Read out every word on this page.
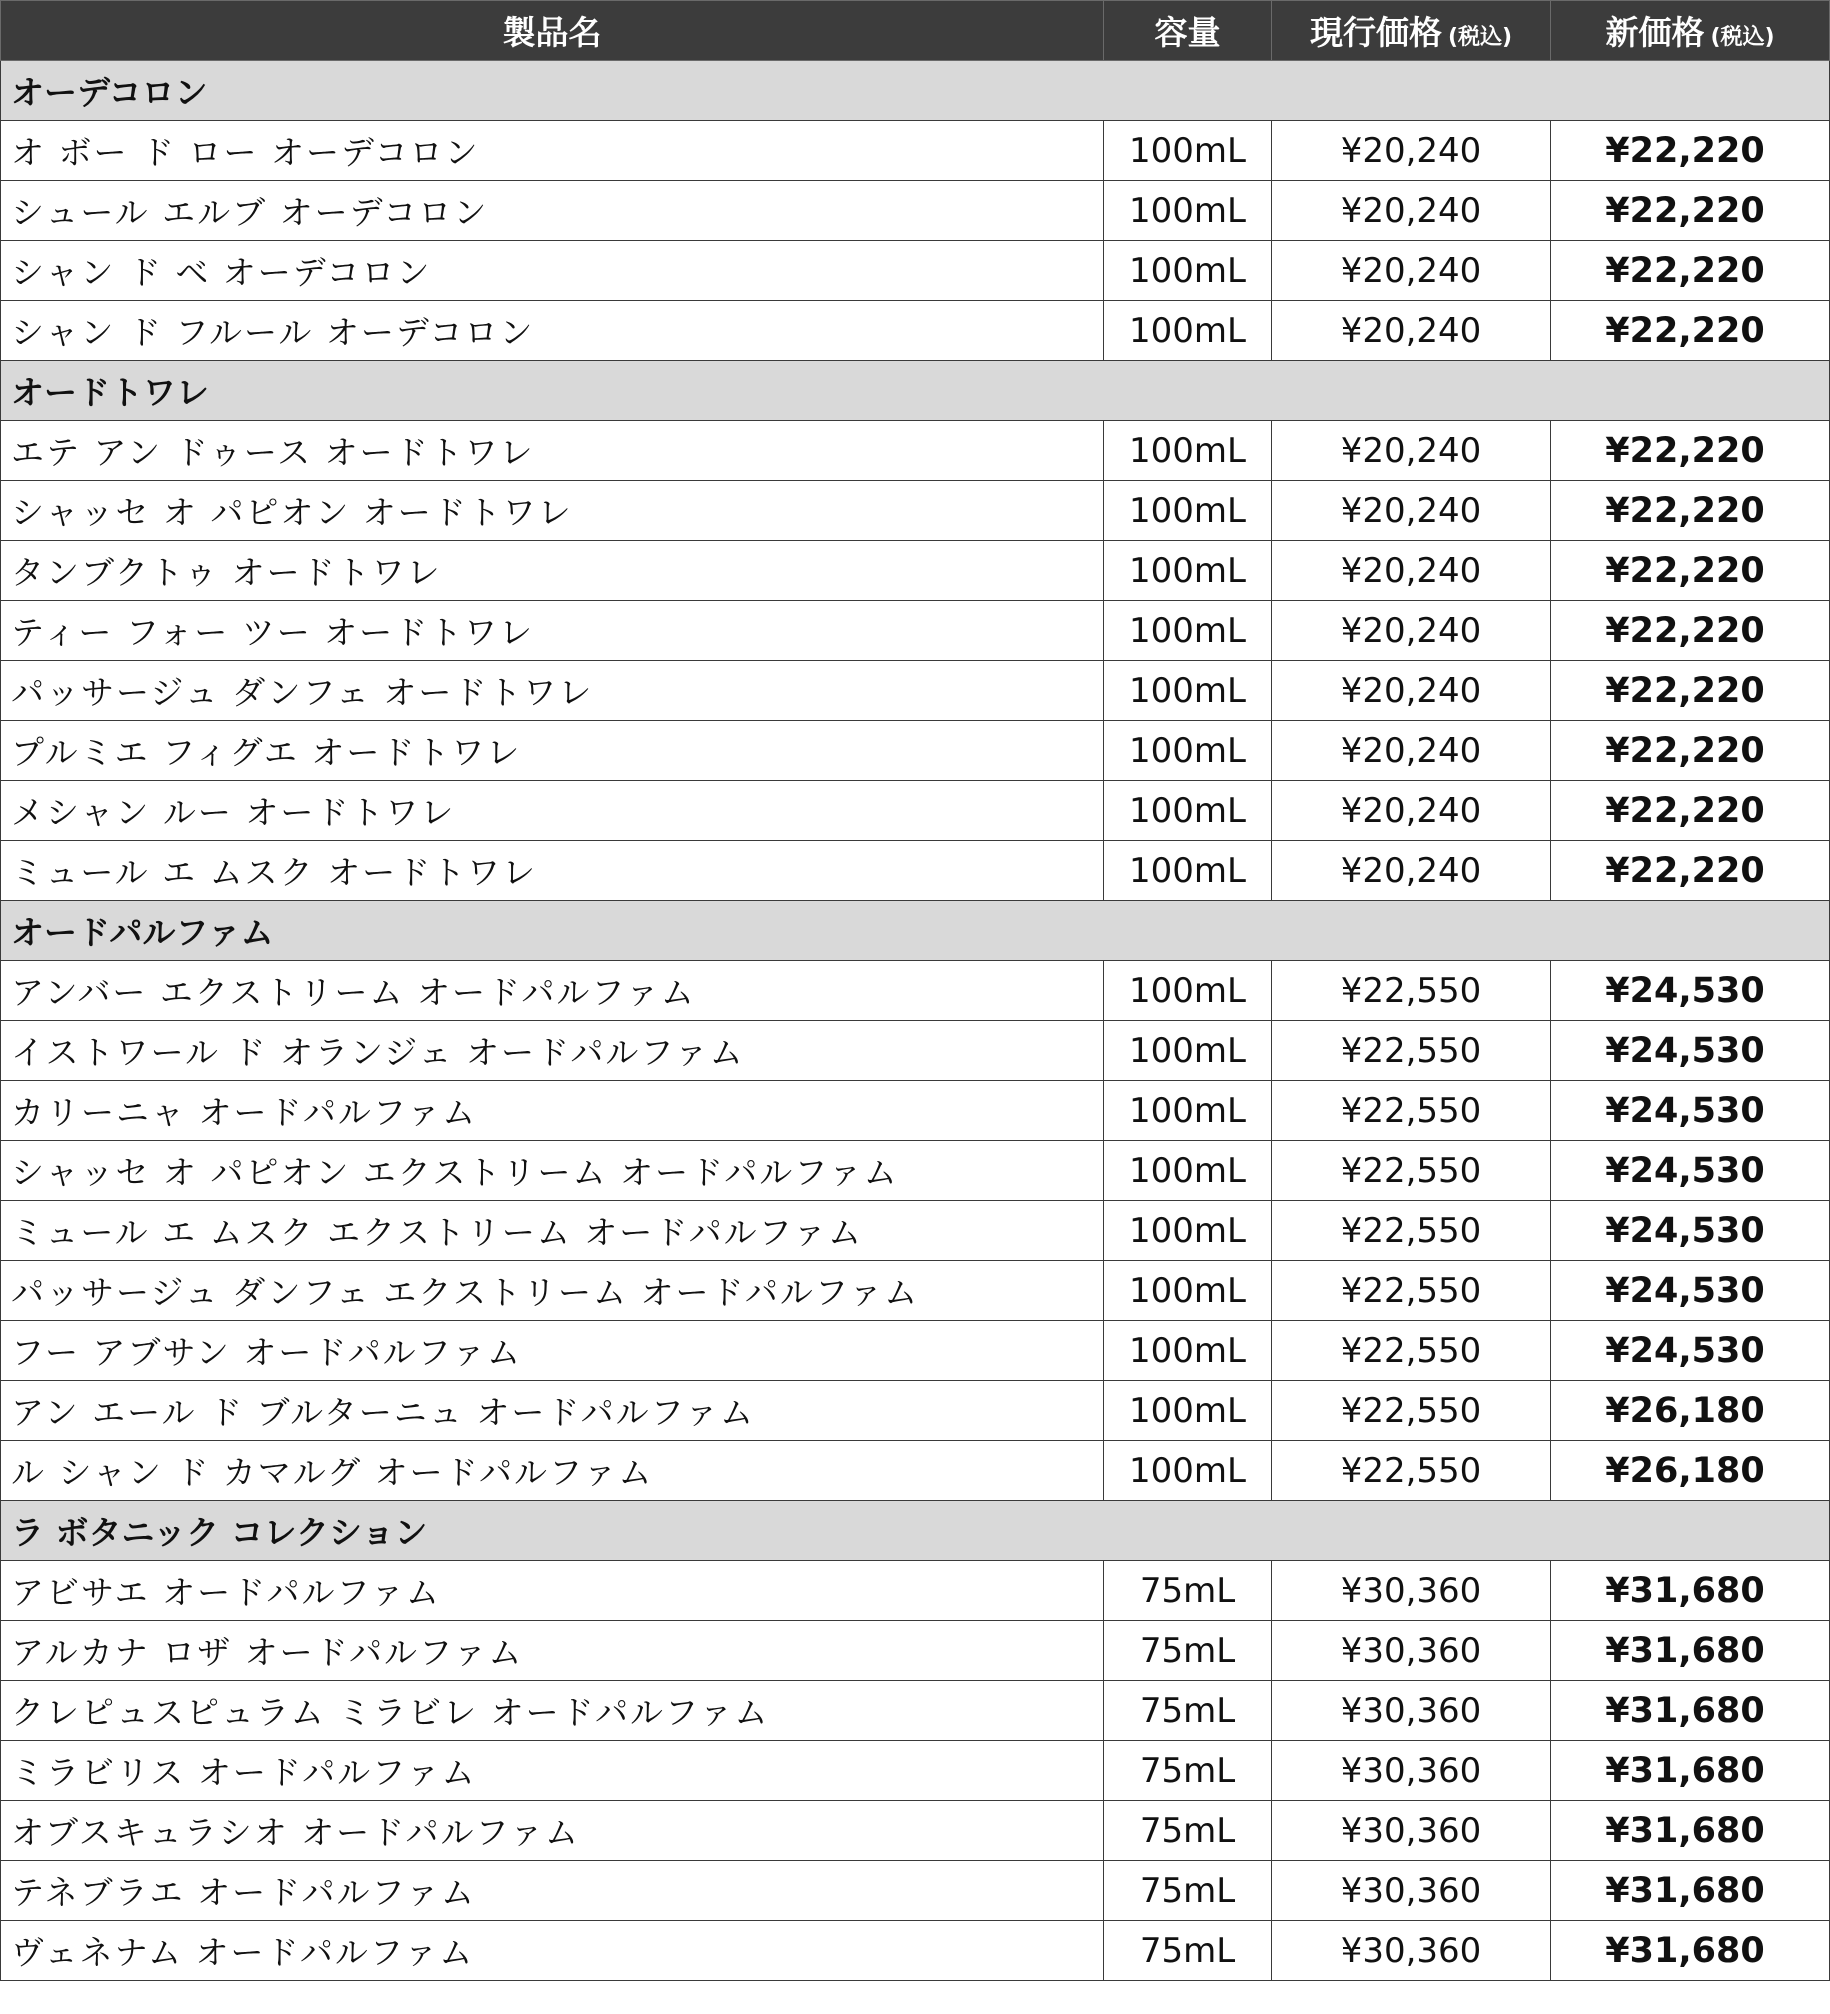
製品名	容量	現行価格 (税込)	新価格 (税込)
オーデコロン			
オ ボー ド ロー オーデコロン	100mL	¥20,240	¥22,220
シュール エルブ オーデコロン	100mL	¥20,240	¥22,220
シャン ド ベ オーデコロン	100mL	¥20,240	¥22,220
シャン ド フルール オーデコロン	100mL	¥20,240	¥22,220
オードトワレ			
エテ アン ドゥース オードトワレ	100mL	¥20,240	¥22,220
シャッセ オ パピオン オードトワレ	100mL	¥20,240	¥22,220
タンブクトゥ オードトワレ	100mL	¥20,240	¥22,220
ティー フォー ツー オードトワレ	100mL	¥20,240	¥22,220
パッサージュ ダンフェ オードトワレ	100mL	¥20,240	¥22,220
プルミエ フィグエ オードトワレ	100mL	¥20,240	¥22,220
メシャン ルー オードトワレ	100mL	¥20,240	¥22,220
ミュール エ ムスク オードトワレ	100mL	¥20,240	¥22,220
オードパルファム			
アンバー エクストリーム オードパルファム	100mL	¥22,550	¥24,530
イストワール ド オランジェ オードパルファム	100mL	¥22,550	¥24,530
カリーニャ オードパルファム	100mL	¥22,550	¥24,530
シャッセ オ パピオン エクストリーム オードパルファム	100mL	¥22,550	¥24,530
ミュール エ ムスク エクストリーム オードパルファム	100mL	¥22,550	¥24,530
パッサージュ ダンフェ エクストリーム オードパルファム	100mL	¥22,550	¥24,530
フー アブサン オードパルファム	100mL	¥22,550	¥24,530
アン エール ド ブルターニュ オードパルファム	100mL	¥22,550	¥26,180
ル シャン ド カマルグ オードパルファム	100mL	¥22,550	¥26,180
ラ ボタニック コレクション			
アビサエ オードパルファム	75mL	¥30,360	¥31,680
アルカナ ロザ オードパルファム	75mL	¥30,360	¥31,680
クレピュスピュラム ミラビレ オードパルファム	75mL	¥30,360	¥31,680
ミラビリス オードパルファム	75mL	¥30,360	¥31,680
オブスキュラシオ オードパルファム	75mL	¥30,360	¥31,680
テネブラエ オードパルファム	75mL	¥30,360	¥31,680
ヴェネナム オードパルファム	75mL	¥30,360	¥31,680
